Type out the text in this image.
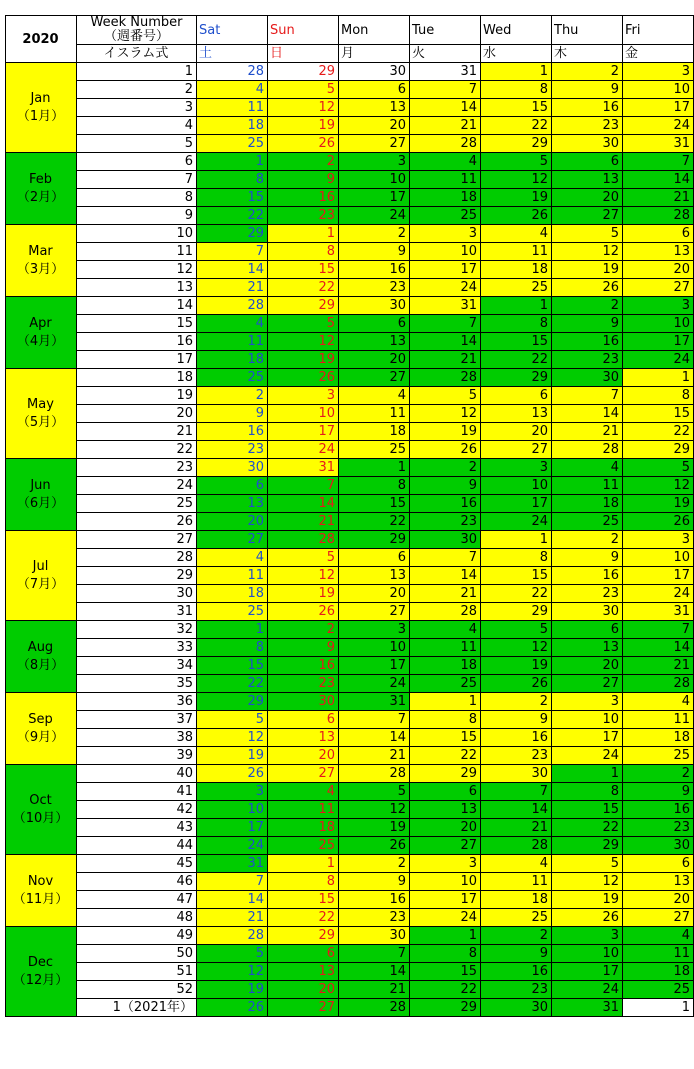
2020	Week Number
（週番号）	Sat	Sun	Mon	Tue	Wed	Thu	Fri
	イスラム式	土	日	月	火	水	木	金

Jan
（1月）	1	28	29	30	31	1	2	3
	2	4	5	6	7	8	9	10
	3	11	12	13	14	15	16	17
	4	18	19	20	21	22	23	24
	5	25	26	27	28	29	30	31

Feb
（2月）	6	1	2	3	4	5	6	7
	7	8	9	10	11	12	13	14
	8	15	16	17	18	19	20	21
	9	22	23	24	25	26	27	28

Mar
（3月）	10	29	1	2	3	4	5	6
	11	7	8	9	10	11	12	13
	12	14	15	16	17	18	19	20
	13	21	22	23	24	25	26	27

Apr
（4月）	14	28	29	30	31	1	2	3
	15	4	5	6	7	8	9	10
	16	11	12	13	14	15	16	17
	17	18	19	20	21	22	23	24

May
（5月）	18	25	26	27	28	29	30	1
	19	2	3	4	5	6	7	8
	20	9	10	11	12	13	14	15
	21	16	17	18	19	20	21	22
	22	23	24	25	26	27	28	29

Jun
（6月）	23	30	31	1	2	3	4	5
	24	6	7	8	9	10	11	12
	25	13	14	15	16	17	18	19
	26	20	21	22	23	24	25	26

Jul
（7月）	27	27	28	29	30	1	2	3
	28	4	5	6	7	8	9	10
	29	11	12	13	14	15	16	17
	30	18	19	20	21	22	23	24
	31	25	26	27	28	29	30	31

Aug
（8月）	32	1	2	3	4	5	6	7
	33	8	9	10	11	12	13	14
	34	15	16	17	18	19	20	21
	35	22	23	24	25	26	27	28

Sep
（9月）	36	29	30	31	1	2	3	4
	37	5	6	7	8	9	10	11
	38	12	13	14	15	16	17	18
	39	19	20	21	22	23	24	25

Oct
（10月）	40	26	27	28	29	30	1	2
	41	3	4	5	6	7	8	9
	42	10	11	12	13	14	15	16
	43	17	18	19	20	21	22	23
	44	24	25	26	27	28	29	30

Nov
（11月）	45	31	1	2	3	4	5	6
	46	7	8	9	10	11	12	13
	47	14	15	16	17	18	19	20
	48	21	22	23	24	25	26	27

Dec
（12月）	49	28	29	30	1	2	3	4
	50	5	6	7	8	9	10	11
	51	12	13	14	15	16	17	18
	52	19	20	21	22	23	24	25
	1（2021年）	26	27	28	29	30	31	1
